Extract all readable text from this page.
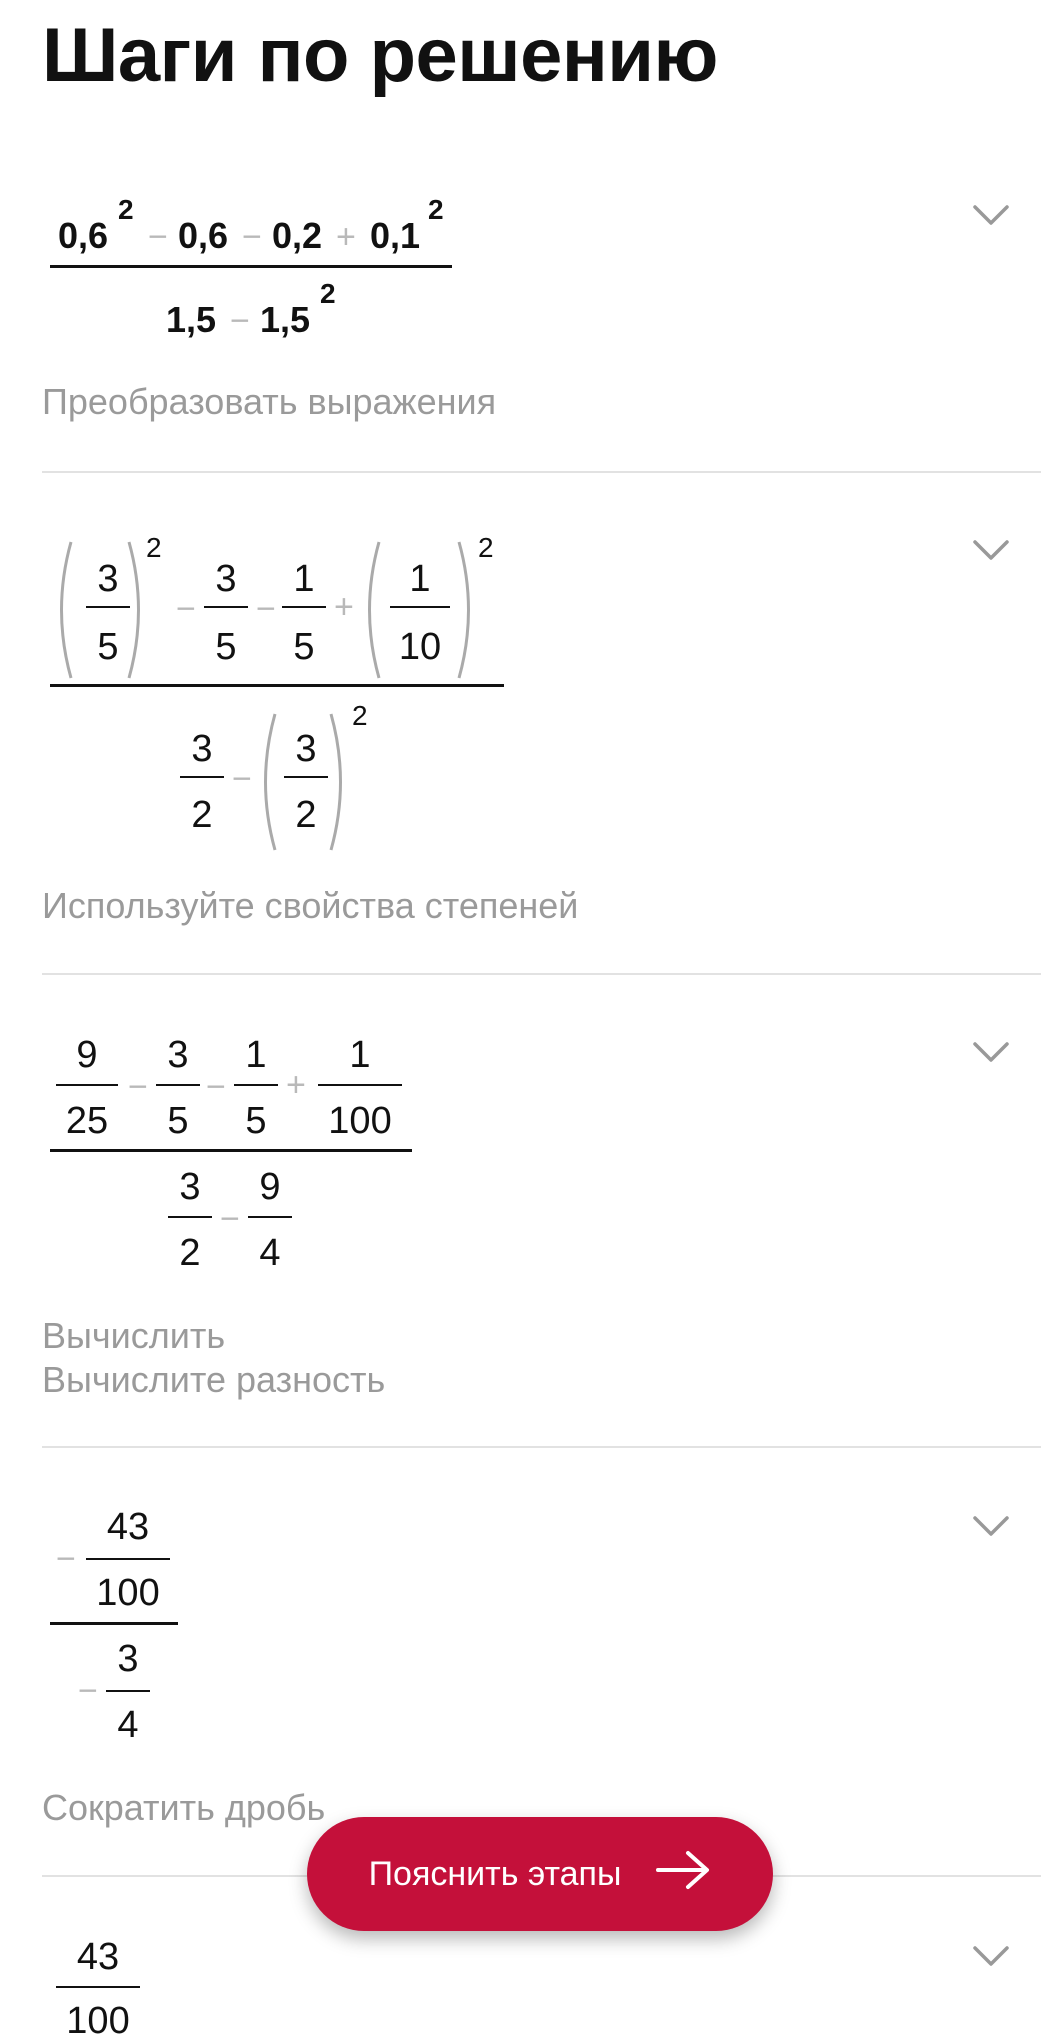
Шаги по решению
0,6
2
− 0,6 − 0,2 + 0,1
2
1,5 − 1,5
2
Преобразовать выражения
3
5
2
−
3
5
−
1
5
+
1
10
2
3
2
−
3
2
2
Используйте свойства степеней
9
25
−
3
5
−
1
5
+
1
100
3
2
−
9
4
Вычислить
Вычислите разность
−
43
100
−
3
4
Сократить дробь
43
100
Пояснить этапы
